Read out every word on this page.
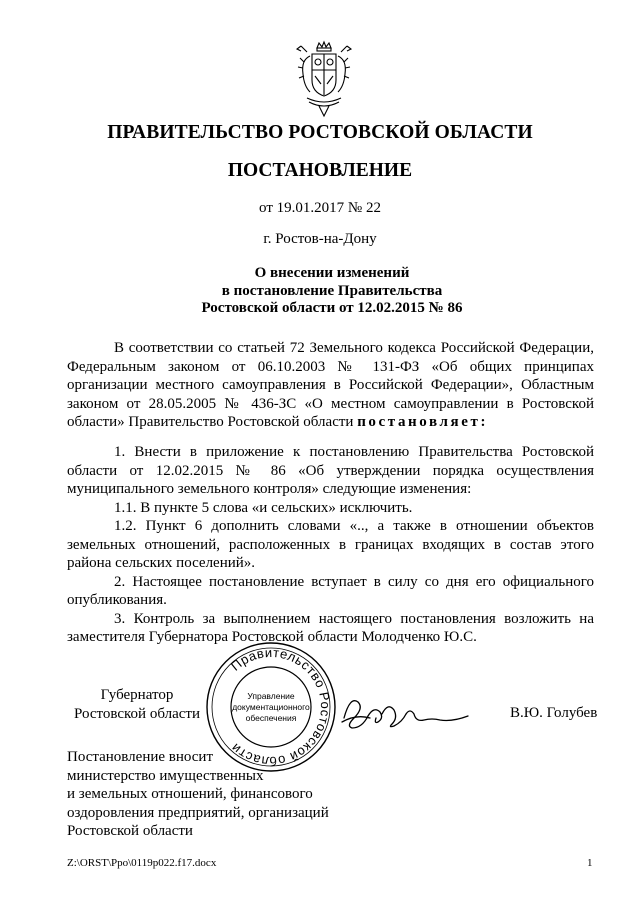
ПРАВИТЕЛЬСТВО РОСТОВСКОЙ ОБЛАСТИ
ПОСТАНОВЛЕНИЕ
от 19.01.2017 № 22
г. Ростов-на-Дону
О внесении изменений
в постановление Правительства
Ростовской области от 12.02.2015 № 86

В соответствии со статьей 72 Земельного кодекса Российской Федерации, Федеральным законом от 06.10.2003 № 131-ФЗ «Об общих принципах организации местного самоуправления в Российской Федерации», Областным законом от 28.05.2005 № 436-ЗС «О местном самоуправлении в Ростовской области» Правительство Ростовской области постановляет:

1. Внести в приложение к постановлению Правительства Ростовской области от 12.02.2015 № 86 «Об утверждении порядка осуществления муниципального земельного контроля» следующие изменения:

1.1. В пункте 5 слова «и сельских» исключить.

1.2. Пункт 6 дополнить словами «.., а также в отношении объектов земельных отношений, расположенных в границах входящих в состав этого района сельских поселений».

2. Настоящее постановление вступает в силу со дня его официального опубликования.

3. Контроль за выполнением настоящего постановления возложить на заместителя Губернатора Ростовской области Молодченко Ю.С.

Губернатор
Ростовской области
Правительство Ростовской области
Управление
документационного
обеспечения	В.Ю. Голубев
Постановление вносит
министерство имущественных
и земельных отношений, финансового
оздоровления предприятий, организаций
Ростовской области
Z:\ORST\Ppo\0119p022.f17.docx	1
